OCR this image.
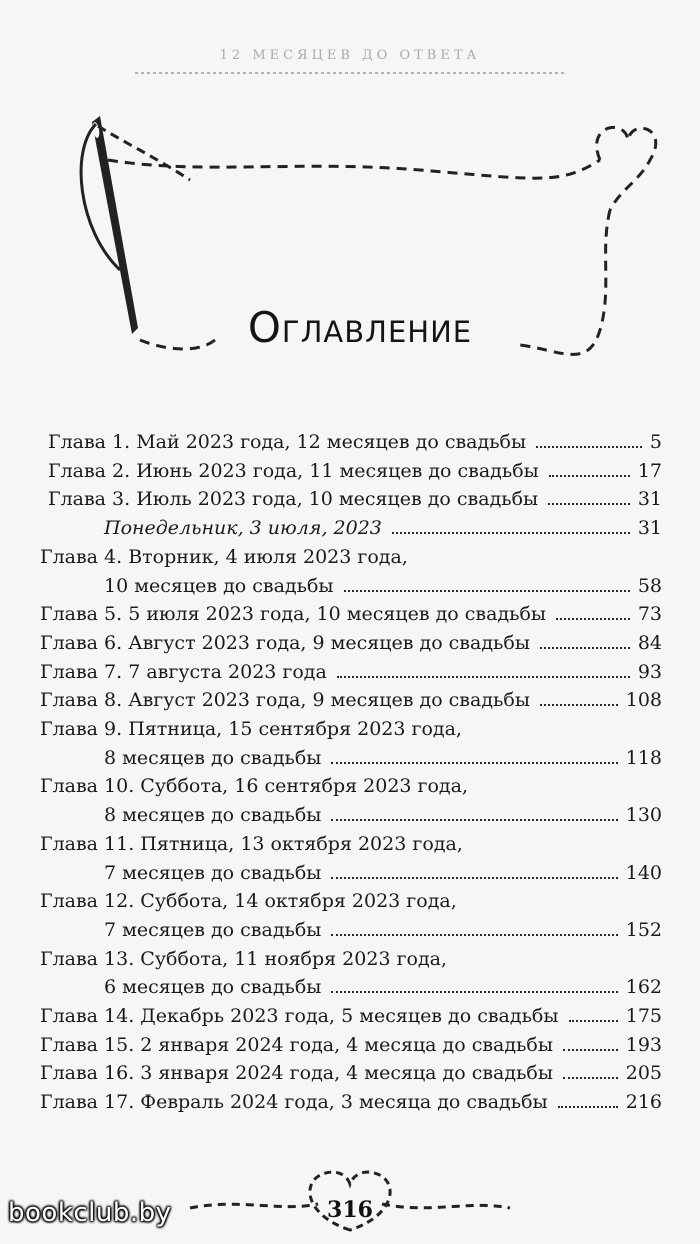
12 МЕСЯЦЕВ ДО ОТВЕТА
Оглавление
Глава 1. Май 2023 года, 12 месяцев до свадьбы	5
Глава 2. Июнь 2023 года, 11 месяцев до свадьбы	17
Глава 3. Июль 2023 года, 10 месяцев до свадьбы	31
Понедельник, 3 июля, 2023	31
Глава 4. Вторник, 4 июля 2023 года,
10 месяцев до свадьбы	58
Глава 5. 5 июля 2023 года, 10 месяцев до свадьбы	73
Глава 6. Август 2023 года, 9 месяцев до свадьбы	84
Глава 7. 7 августа 2023 года	93
Глава 8. Август 2023 года, 9 месяцев до свадьбы	108
Глава 9. Пятница, 15 сентября 2023 года,
8 месяцев до свадьбы	118
Глава 10. Суббота, 16 сентября 2023 года,
8 месяцев до свадьбы	130
Глава 11. Пятница, 13 октября 2023 года,
7 месяцев до свадьбы	140
Глава 12. Суббота, 14 октября 2023 года,
7 месяцев до свадьбы	152
Глава 13. Суббота, 11 ноября 2023 года,
6 месяцев до свадьбы	162
Глава 14. Декабрь 2023 года, 5 месяцев до свадьбы	175
Глава 15. 2 января 2024 года, 4 месяца до свадьбы	193
Глава 16. 3 января 2024 года, 4 месяца до свадьбы	205
Глава 17. Февраль 2024 года, 3 месяца до свадьбы	216
316
bookclub.by
